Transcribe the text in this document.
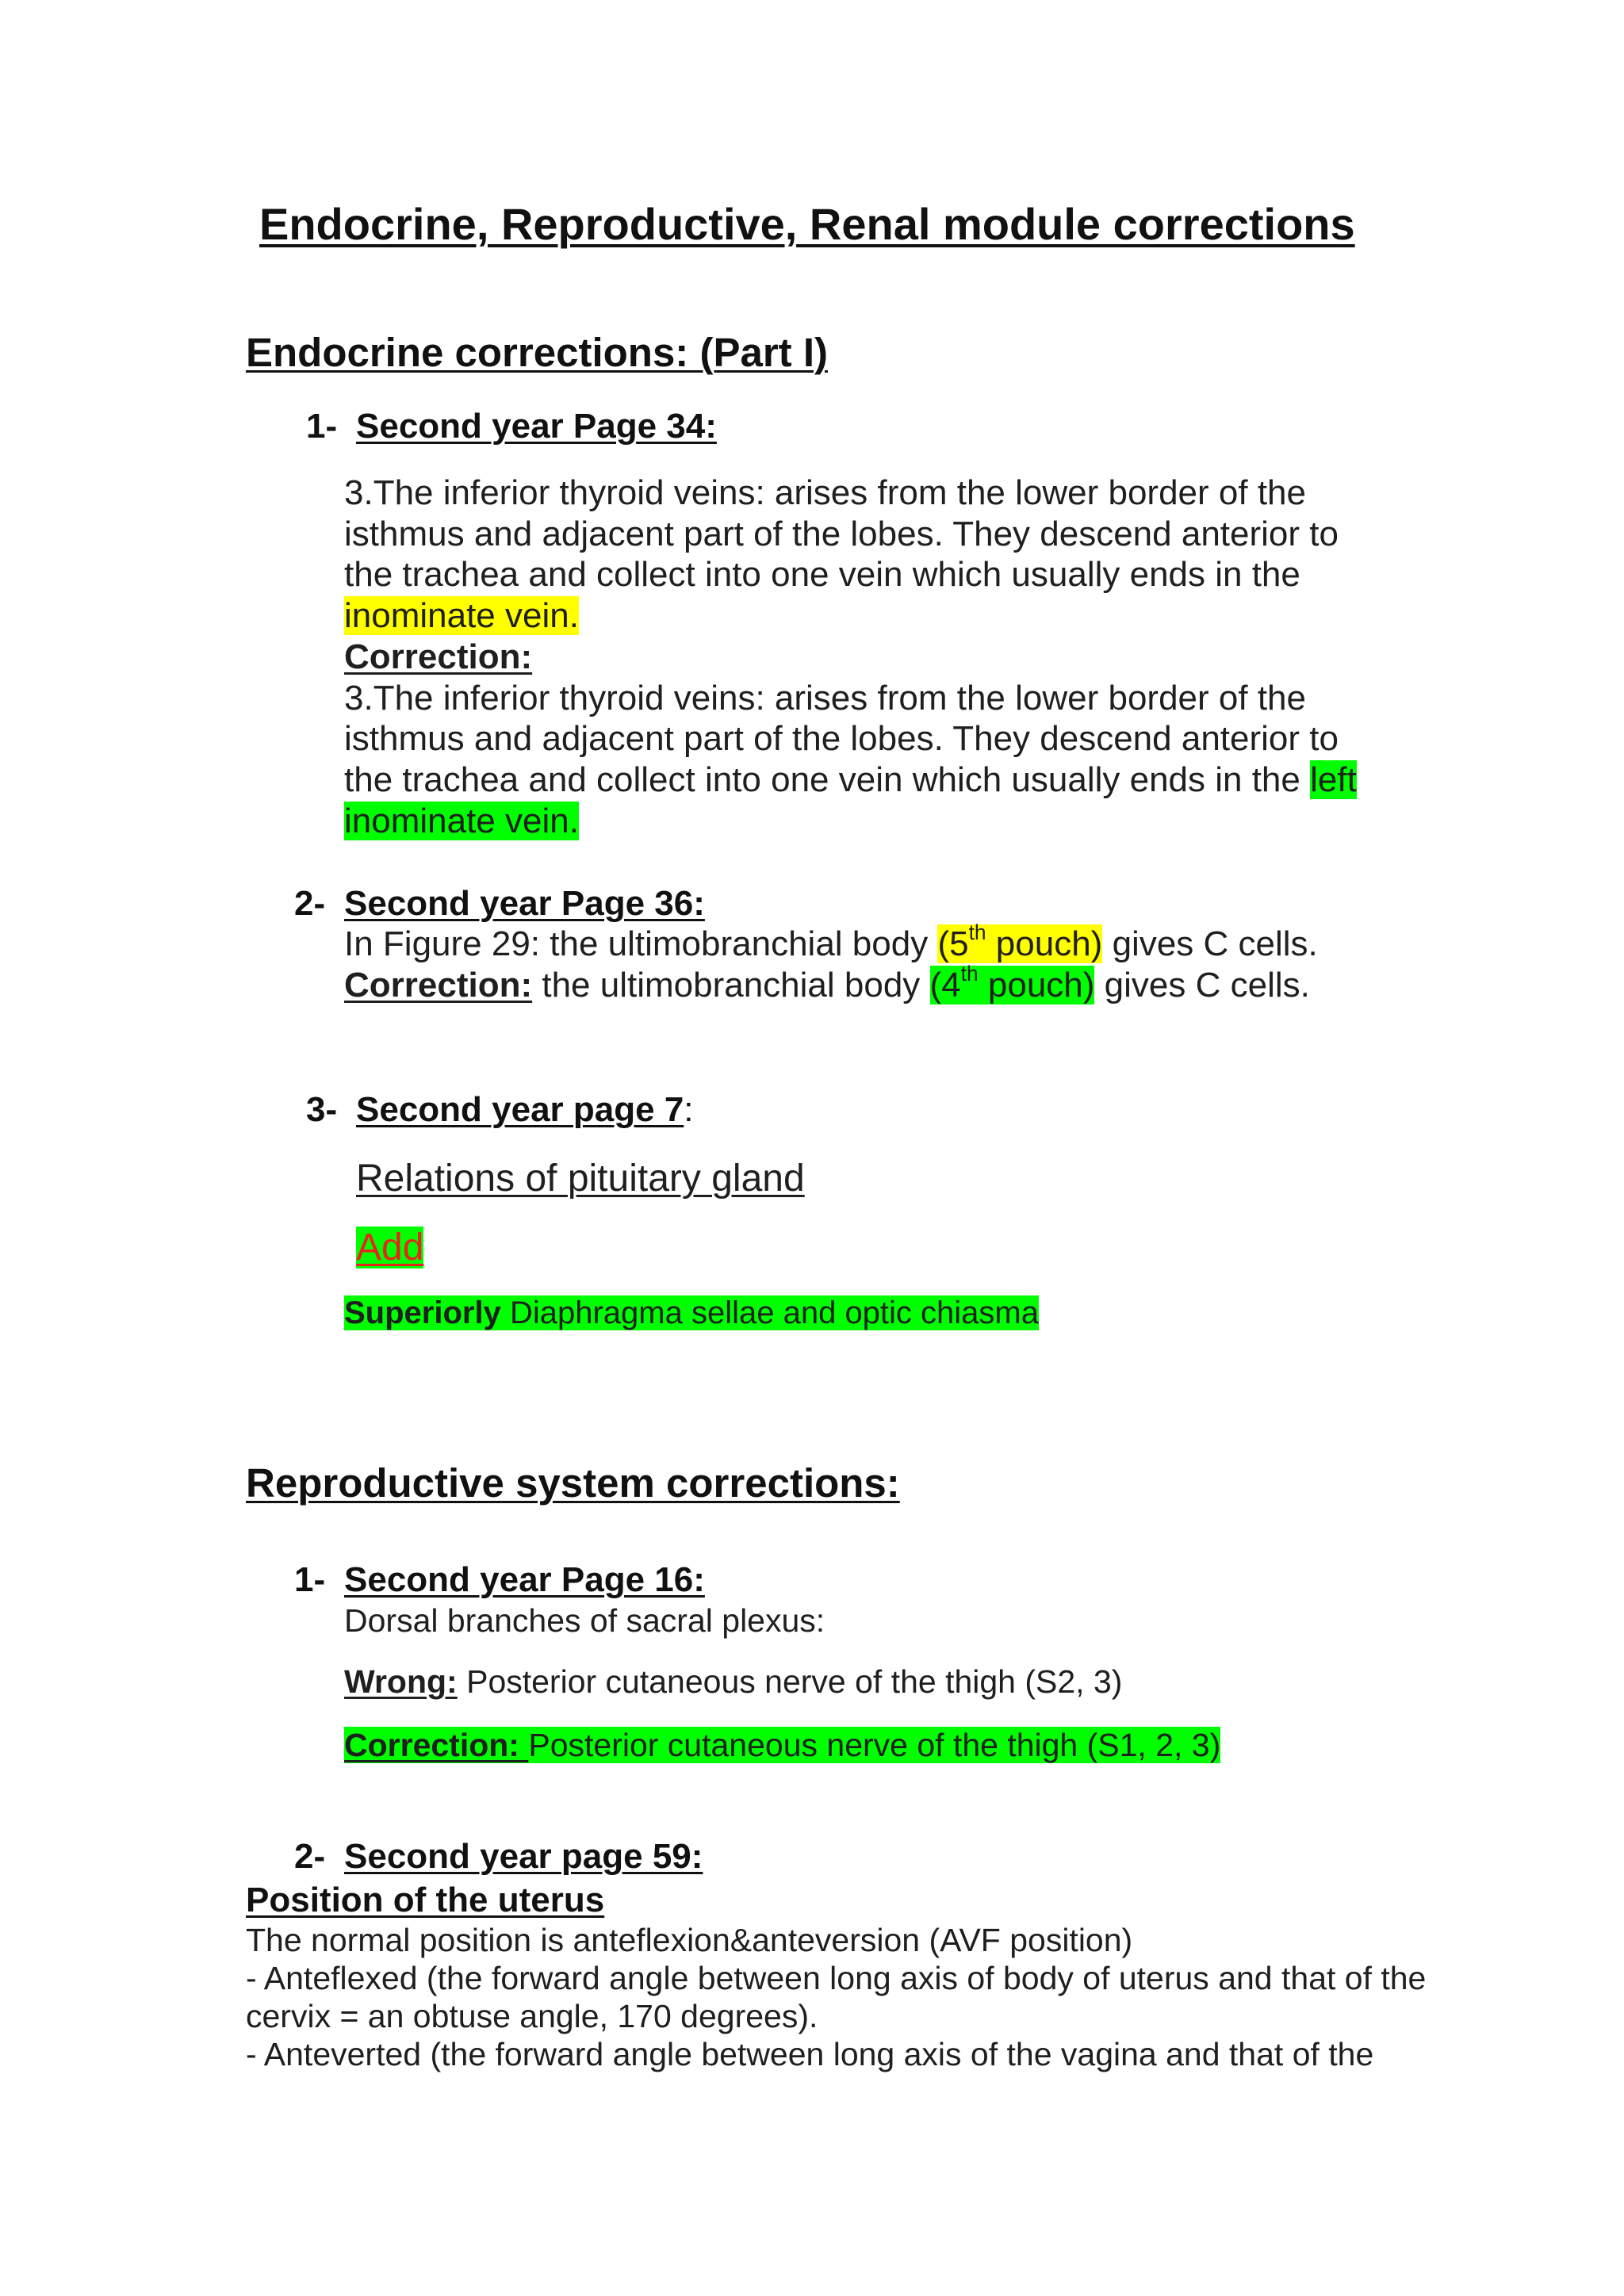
Endocrine, Reproductive, Renal module corrections
Endocrine corrections: (Part I)
1- Second year Page 34:
3.The inferior thyroid veins: arises from the lower border of the
isthmus and adjacent part of the lobes. They descend anterior to
the trachea and collect into one vein which usually ends in the
inominate vein.
Correction:
3.The inferior thyroid veins: arises from the lower border of the
isthmus and adjacent part of the lobes. They descend anterior to
the trachea and collect into one vein which usually ends in the left
inominate vein.
2- Second year Page 36:
In Figure 29: the ultimobranchial body (5th pouch) gives C cells.
Correction: the ultimobranchial body (4th pouch) gives C cells.
3- Second year page 7:
Relations of pituitary gland
Add
Superiorly Diaphragma sellae and optic chiasma
Reproductive system corrections:
1- Second year Page 16:
Dorsal branches of sacral plexus:
Wrong: Posterior cutaneous nerve of the thigh (S2, 3)
Correction: Posterior cutaneous nerve of the thigh (S1, 2, 3)
2- Second year page 59:
Position of the uterus
The normal position is anteflexion&anteversion (AVF position)
- Anteflexed (the forward angle between long axis of body of uterus and that of the
cervix = an obtuse angle, 170 degrees).
- Anteverted (the forward angle between long axis of the vagina and that of the
